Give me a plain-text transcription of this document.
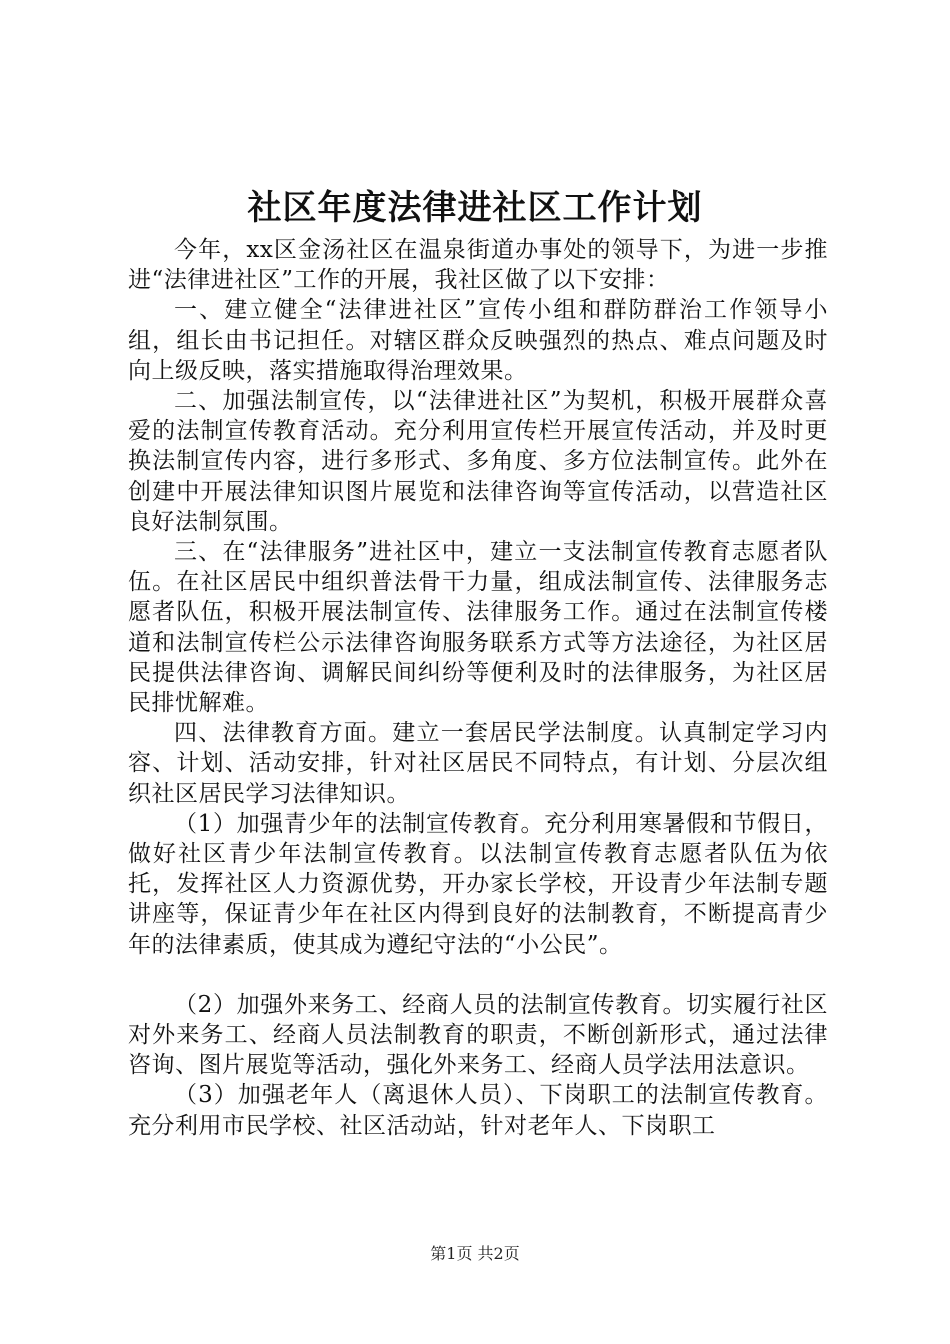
社区年度法律进社区工作计划

今年，xx区金汤社区在温泉街道办事处的领导下，为进一步推进“法律进社区”工作的开展，我社区做了以下安排：

一、建立健全“法律进社区”宣传小组和群防群治工作领导小组，组长由书记担任。对辖区群众反映强烈的热点、难点问题及时向上级反映，落实措施取得治理效果。

二、加强法制宣传，以“法律进社区”为契机，积极开展群众喜爱的法制宣传教育活动。充分利用宣传栏开展宣传活动，并及时更换法制宣传内容，进行多形式、多角度、多方位法制宣传。此外在创建中开展法律知识图片展览和法律咨询等宣传活动，以营造社区良好法制氛围。

三、在“法律服务”进社区中，建立一支法制宣传教育志愿者队伍。在社区居民中组织普法骨干力量，组成法制宣传、法律服务志愿者队伍，积极开展法制宣传、法律服务工作。通过在法制宣传楼道和法制宣传栏公示法律咨询服务联系方式等方法途径，为社区居民提供法律咨询、调解民间纠纷等便利及时的法律服务，为社区居民排忧解难。

四、法律教育方面。建立一套居民学法制度。认真制定学习内容、计划、活动安排，针对社区居民不同特点，有计划、分层次组织社区居民学习法律知识。

（1）加强青少年的法制宣传教育。充分利用寒暑假和节假日，做好社区青少年法制宣传教育。以法制宣传教育志愿者队伍为依托，发挥社区人力资源优势，开办家长学校，开设青少年法制专题讲座等，保证青少年在社区内得到良好的法制教育，不断提高青少年的法律素质，使其成为遵纪守法的“小公民”。

（2）加强外来务工、经商人员的法制宣传教育。切实履行社区对外来务工、经商人员法制教育的职责，不断创新形式，通过法律咨询、图片展览等活动，强化外来务工、经商人员学法用法意识。

（3）加强老年人（离退休人员）、下岗职工的法制宣传教育。充分利用市民学校、社区活动站，针对老年人、下岗职工

第1页 共2页
